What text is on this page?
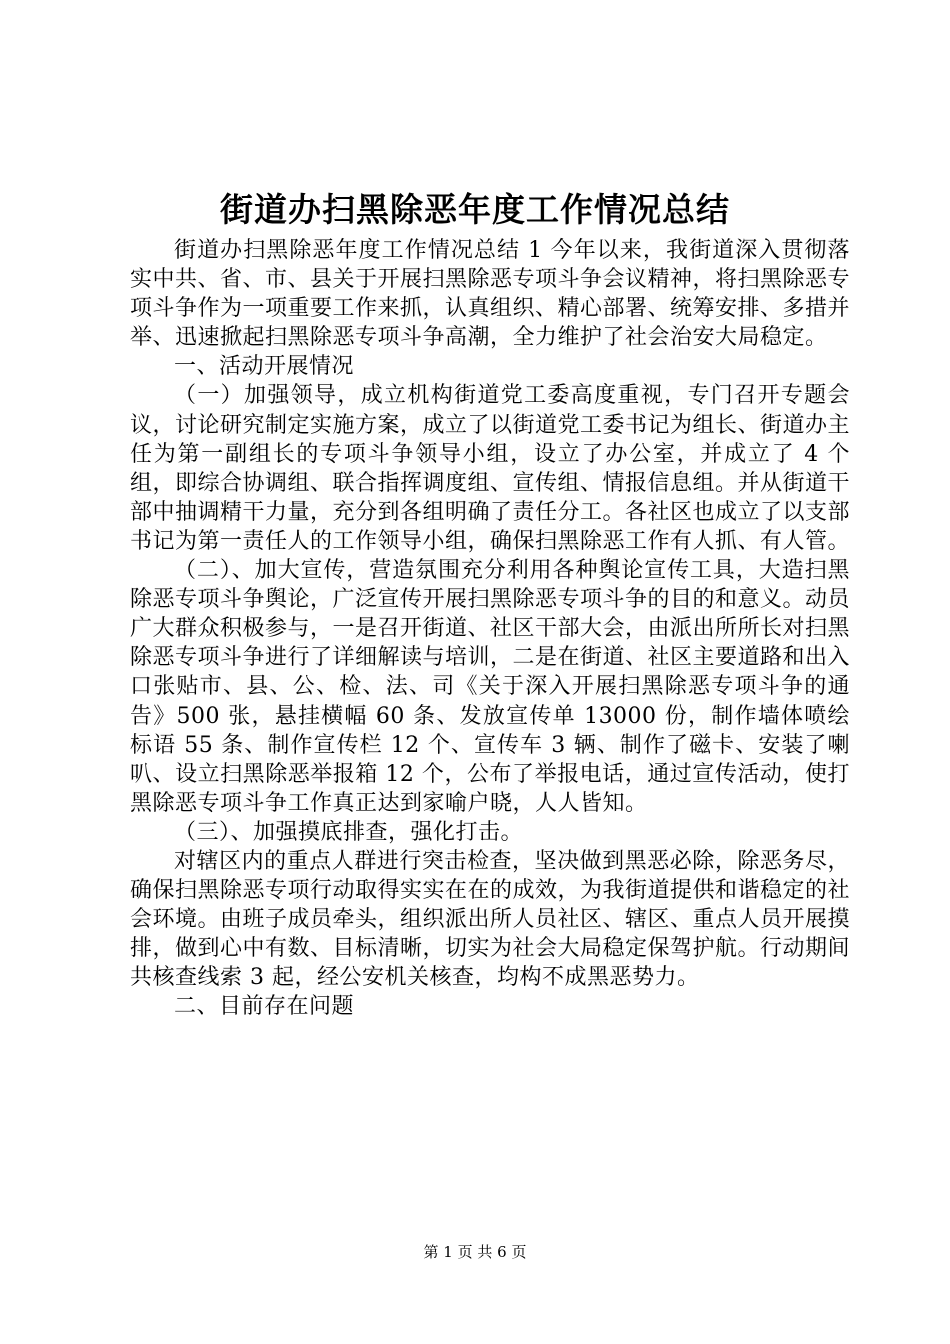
街道办扫黑除恶年度工作情况总结

街道办扫黑除恶年度工作情况总结 1 今年以来，我街道深入贯彻落实中共、省、市、县关于开展扫黑除恶专项斗争会议精神，将扫黑除恶专项斗争作为一项重要工作来抓，认真组织、精心部署、统筹安排、多措并举、迅速掀起扫黑除恶专项斗争高潮，全力维护了社会治安大局稳定。

一、活动开展情况

（一）加强领导，成立机构街道党工委高度重视，专门召开专题会议，讨论研究制定实施方案，成立了以街道党工委书记为组长、街道办主任为第一副组长的专项斗争领导小组，设立了办公室，并成立了 4 个组，即综合协调组、联合指挥调度组、宣传组、情报信息组。并从街道干部中抽调精干力量，充分到各组明确了责任分工。各社区也成立了以支部书记为第一责任人的工作领导小组，确保扫黑除恶工作有人抓、有人管。

（二）、加大宣传，营造氛围充分利用各种舆论宣传工具，大造扫黑除恶专项斗争舆论，广泛宣传开展扫黑除恶专项斗争的目的和意义。动员广大群众积极参与，一是召开街道、社区干部大会，由派出所所长对扫黑除恶专项斗争进行了详细解读与培训，二是在街道、社区主要道路和出入口张贴市、县、公、检、法、司《关于深入开展扫黑除恶专项斗争的通告》500 张，悬挂横幅 60 条、发放宣传单 13000 份，制作墙体喷绘标语 55 条、制作宣传栏 12 个、宣传车 3 辆、制作了磁卡、安装了喇叭、设立扫黑除恶举报箱 12 个，公布了举报电话，通过宣传活动，使打黑除恶专项斗争工作真正达到家喻户晓，人人皆知。

（三）、加强摸底排查，强化打击。

对辖区内的重点人群进行突击检查，坚决做到黑恶必除，除恶务尽，确保扫黑除恶专项行动取得实实在在的成效，为我街道提供和谐稳定的社会环境。由班子成员牵头，组织派出所人员社区、辖区、重点人员开展摸排，做到心中有数、目标清晰，切实为社会大局稳定保驾护航。行动期间共核查线索 3 起，经公安机关核查，均构不成黑恶势力。

二、目前存在问题

第 1 页 共 6 页
